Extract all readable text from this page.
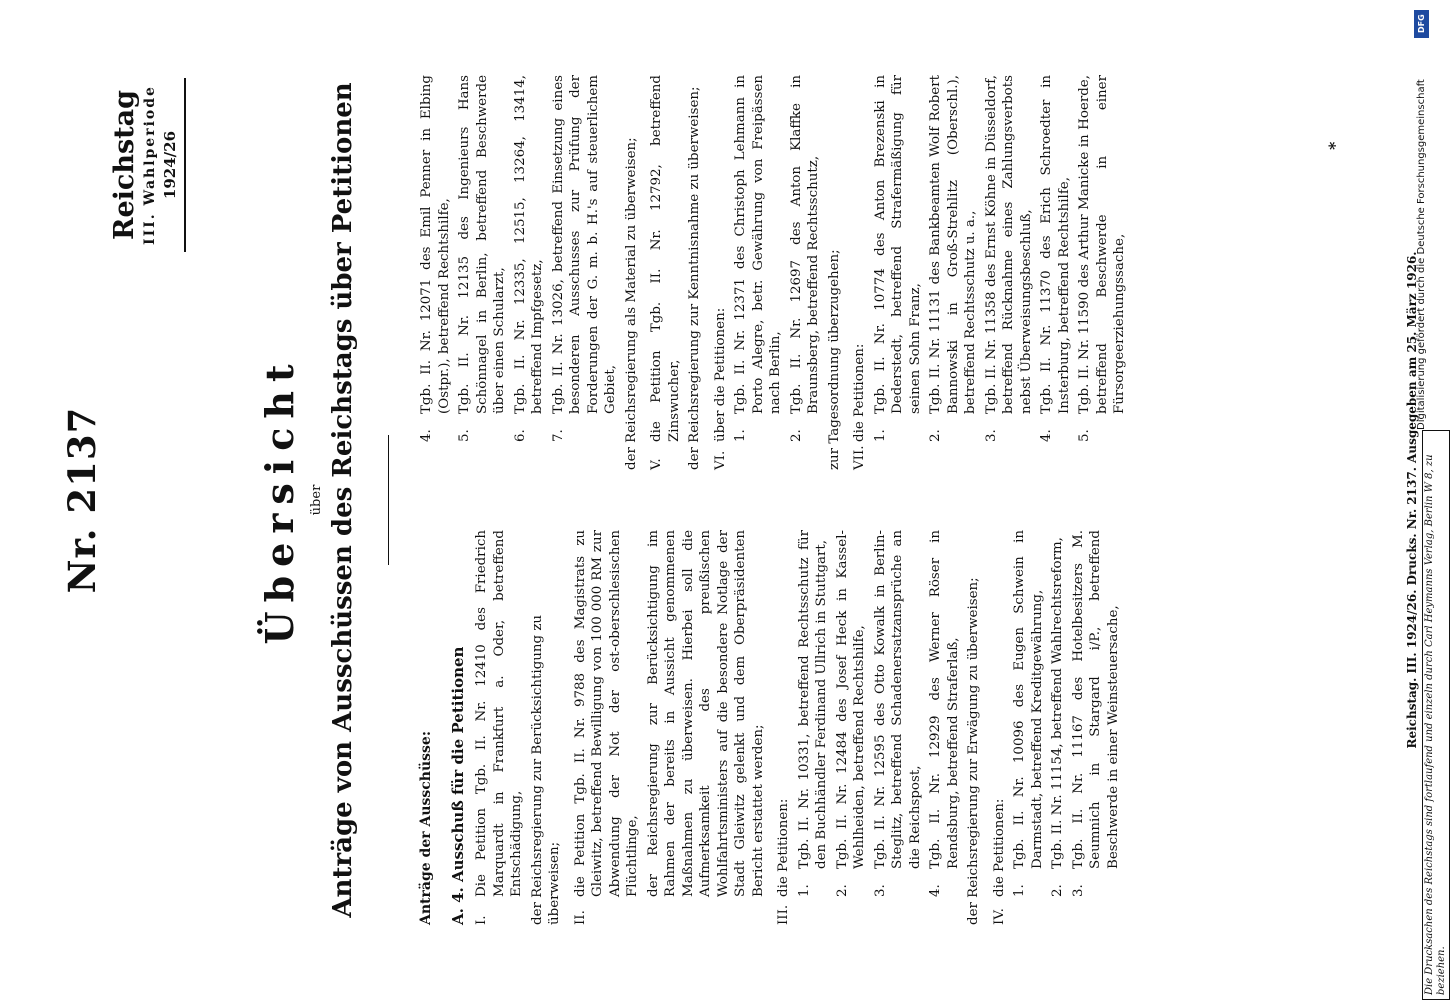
Nr. 2137
Reichstag III. Wahlperiode 1924/26
Übersicht über Anträge von Ausschüssen des Reichstags über Petitionen	Anträge der Ausschüsse: A. 4. Ausschuß für die Petitionen I.
Die Petition Tgb. II. Nr. 12410 des Friedrich Marquardt in Frankfurt a. Oder, betreffend Entschädigung, der Reichsregierung zur Berücksichtigung zu überweisen; II.
die Petition Tgb. II. Nr. 9788 des Magistrats zu Gleiwitz, betreffend Bewilligung von 100 000 RM zur Abwendung der Not der ost-oberschlesischen Flüchtlinge, der Reichsregierung zur Berücksichtigung im Rahmen der bereits in Aussicht genommenen Maßnahmen zu überweisen. Hierbei soll die Aufmerksamkeit des preußischen Wohlfahrtsministers auf die besondere Notlage der Stadt Gleiwitz gelenkt und dem Oberpräsidenten Bericht erstattet werden;

III.
die Petitionen: 1.
Tgb. II. Nr. 10331, betreffend Rechtsschutz für den Buchhändler Ferdinand Ullrich in Stuttgart,
2.
Tgb. II. Nr. 12484 des Josef Heck in Kassel-Wehlheiden, betreffend Rechtshilfe,
3.
Tgb. II. Nr. 12595 des Otto Kowalk in Berlin-Steglitz, betreffend Schadenersatzansprüche an die Reichspost,
4.
Tgb. II. Nr. 12929 des Werner Röser in Rendsburg, betreffend Straferlaß, der Reichsregierung zur Erwägung zu überweisen; IV.
die Petitionen: 1.
Tgb. II. Nr. 10096 des Eugen Schwein in Darmstadt, betreffend Kreditgewährung,
2.
Tgb. II. Nr. 11154, betreffend Wahlrechtsreform,
3.
Tgb. II. Nr. 11167 des Hotelbesitzers M. Seumnich in Stargard i/P., betreffend Beschwerde in einer Weinsteuersache,
4.
Tgb. II. Nr. 12071 des Emil Penner in Elbing (Ostpr.), betreffend Rechtshilfe,
5.
Tgb. II. Nr. 12135 des Ingenieurs Hans Schönnagel in Berlin, betreffend Beschwerde über einen Schularzt,
6.
Tgb. II. Nr. 12335, 12515, 13264, 13414, betreffend Impfgesetz,
7.
Tgb. II. Nr. 13026, betreffend Einsetzung eines besonderen Ausschusses zur Prüfung der Forderungen der G. m. b. H.'s auf steuerlichem Gebiet, der Reichsregierung als Material zu überweisen; V.
die Petition Tgb. II. Nr. 12792, betreffend Zinswucher, der Reichsregierung zur Kenntnisnahme zu überweisen; VI.
über die Petitionen: 1.
Tgb. II. Nr. 12371 des Christoph Lehmann in Porto Alegre, betr. Gewährung von Freipässen nach Berlin,
2.
Tgb. II. Nr. 12697 des Anton Klaffke in Braunsberg, betreffend Rechtsschutz, zur Tagesordnung überzugehen; VII.
die Petitionen: 1.
Tgb. II. Nr. 10774 des Anton Brezenski in Dederstedt, betreffend Strafermäßigung für seinen Sohn Franz,
2.
Tgb. II. Nr. 11131 des Bankbeamten Wolf Robert Bannowski in Groß-Strehlitz (Oberschl.), betreffend Rechtsschutz u. a.,
3.
Tgb. II. Nr. 11358 des Ernst Köhne in Düsseldorf, betreffend Rücknahme eines Zahlungsverbots nebst Überweisungsbeschluß,
4.
Tgb. II. Nr. 11370 des Erich Schroedter in Insterburg, betreffend Rechtshilfe,
5.
Tgb. II. Nr. 11590 des Arthur Manicke in Hoerde, betreffend Beschwerde in einer Fürsorgeerziehungssache,
*
Reichstag. III. 1924/26. Drucks. Nr. 2137. Ausgegeben am 25. März 1926. Die Drucksachen des Reichstags sind fortlaufend und einzeln durch Carl Heymanns Verlag, Berlin W 8, zu beziehen.
DFG
Digitalisierung gefördert durch die Deutsche Forschungsgemeinschaft
